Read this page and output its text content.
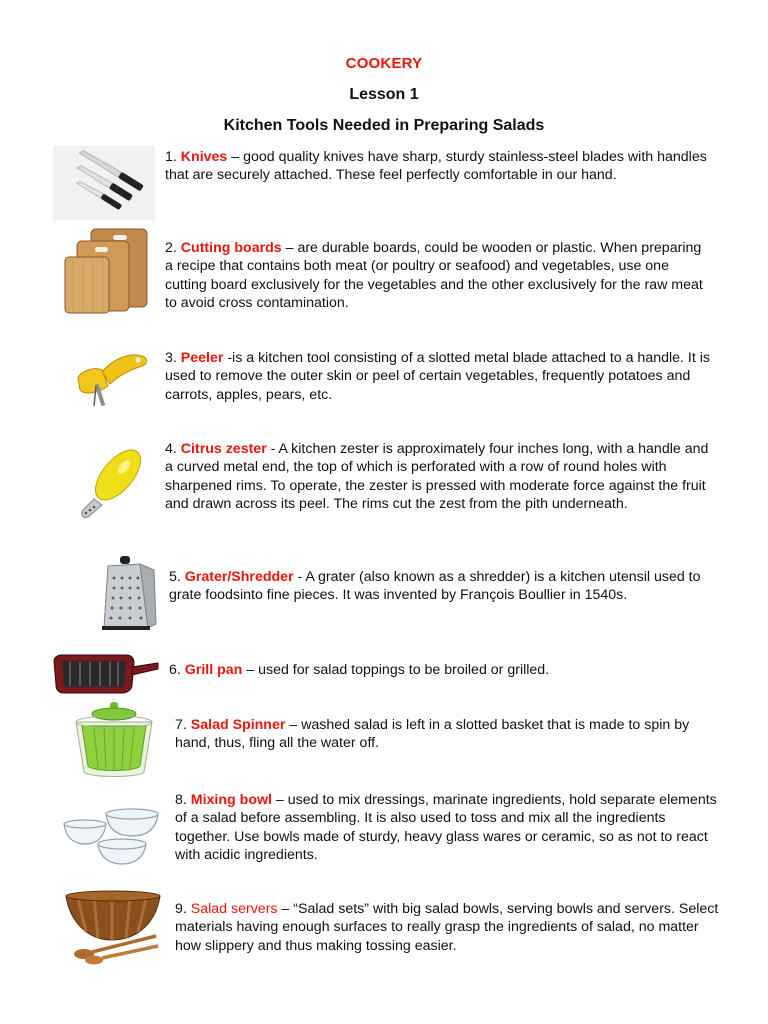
COOKERY
Lesson 1
Kitchen Tools Needed in Preparing Salads
1. Knives – good quality knives have sharp, sturdy stainless-steel blades with handles that are securely attached. These feel perfectly comfortable in our hand.
2. Cutting boards – are durable boards, could be wooden or plastic. When preparing a recipe that contains both meat (or poultry or seafood) and vegetables, use one cutting board exclusively for the vegetables and the other exclusively for the raw meat to avoid cross contamination.
3. Peeler -is a kitchen tool consisting of a slotted metal blade attached to a handle. It is used to remove the outer skin or peel of certain vegetables, frequently potatoes and carrots, apples, pears, etc.
4. Citrus zester - A kitchen zester is approximately four inches long, with a handle and a curved metal end, the top of which is perforated with a row of round holes with sharpened rims. To operate, the zester is pressed with moderate force against the fruit and drawn across its peel. The rims cut the zest from the pith underneath.
5. Grater/Shredder - A grater (also known as a shredder) is a kitchen utensil used to grate foodsinto fine pieces. It was invented by François Boullier in 1540s.
6. Grill pan – used for salad toppings to be broiled or grilled.
7. Salad Spinner – washed salad is left in a slotted basket that is made to spin by hand, thus, fling all the water off.
8. Mixing bowl – used to mix dressings, marinate ingredients, hold separate elements of a salad before assembling. It is also used to toss and mix all the ingredients together. Use bowls made of sturdy, heavy glass wares or ceramic, so as not to react with acidic ingredients.
9. Salad servers – “Salad sets” with big salad bowls, serving bowls and servers. Select materials having enough surfaces to really grasp the ingredients of salad, no matter how slippery and thus making tossing easier.
